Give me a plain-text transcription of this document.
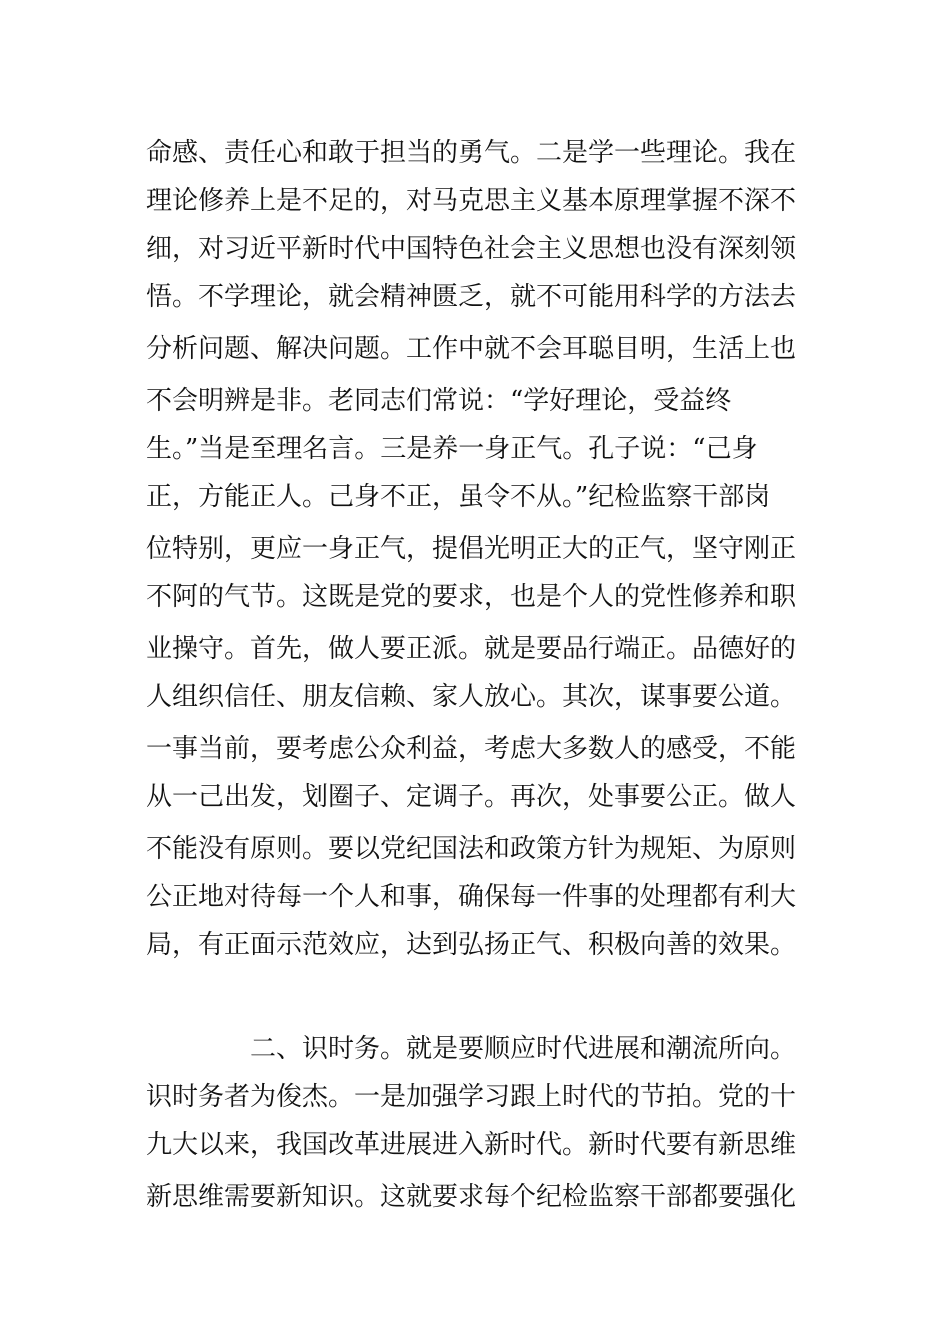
命感、责任心和敢于担当的勇气。二是学一些理论。我在
理论修养上是不足的，对马克思主义基本原理掌握不深不
细，对习近平新时代中国特色社会主义思想也没有深刻领
悟。不学理论，就会精神匮乏，就不可能用科学的方法去
分析问题、解决问题。工作中就不会耳聪目明，生活上也
不会明辨是非。老同志们常说：“学好理论，受益终
生。”当是至理名言。三是养一身正气。孔子说：“己身
正，方能正人。己身不正，虽令不从。”纪检监察干部岗
位特别，更应一身正气，提倡光明正大的正气，坚守刚正
不阿的气节。这既是党的要求，也是个人的党性修养和职
业操守。首先，做人要正派。就是要品行端正。品德好的
人组织信任、朋友信赖、家人放心。其次，谋事要公道。
一事当前，要考虑公众利益，考虑大多数人的感受，不能
从一己出发，划圈子、定调子。再次，处事要公正。做人
不能没有原则。要以党纪国法和政策方针为规矩、为原则
公正地对待每一个人和事，确保每一件事的处理都有利大
局，有正面示范效应，达到弘扬正气、积极向善的效果。
二、识时务。就是要顺应时代进展和潮流所向。
识时务者为俊杰。一是加强学习跟上时代的节拍。党的十
九大以来，我国改革进展进入新时代。新时代要有新思维
新思维需要新知识。这就要求每个纪检监察干部都要强化
